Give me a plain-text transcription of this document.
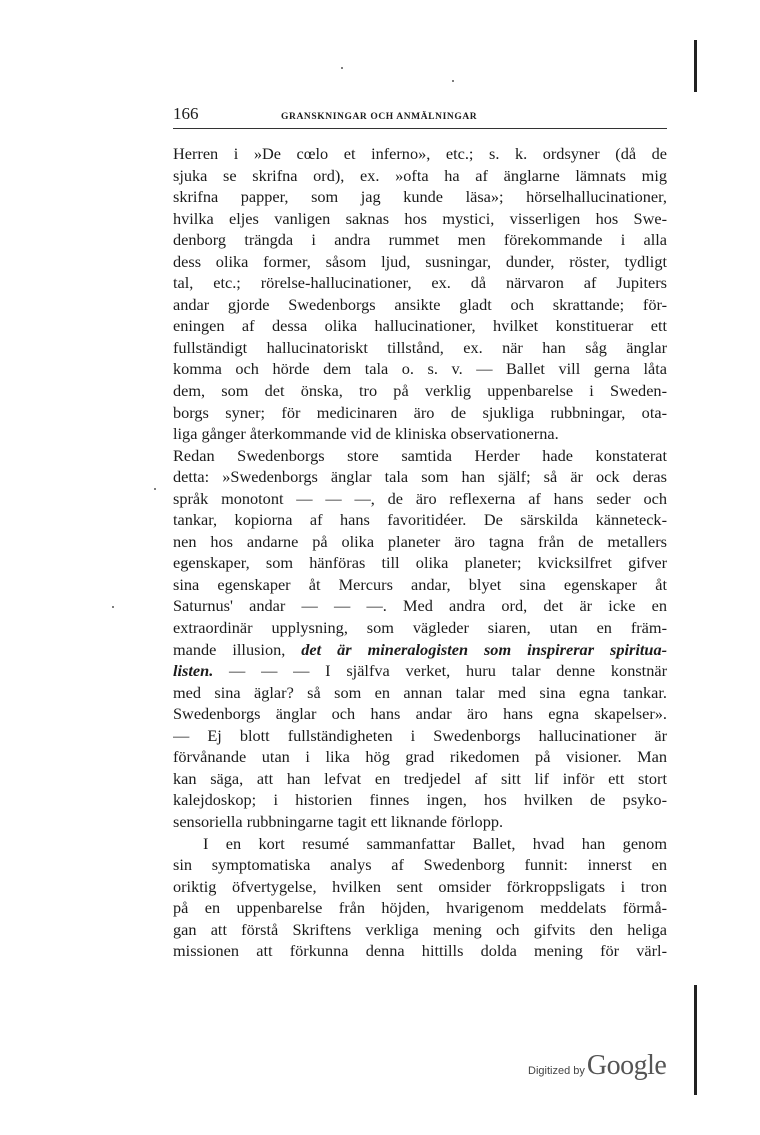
166	GRANSKNINGAR OCH ANMÄLNINGAR
Herren i »De cœlo et inferno», etc.; s. k. ordsyner (då de
sjuka se skrifna ord), ex. »ofta ha af änglarne lämnats mig
skrifna papper, som jag kunde läsa»; hörselhallucinationer,
hvilka eljes vanligen saknas hos mystici, visserligen hos Swe-
denborg trängda i andra rummet men förekommande i alla
dess olika former, såsom ljud, susningar, dunder, röster, tydligt
tal, etc.; rörelse-hallucinationer, ex. då närvaron af Jupiters
andar gjorde Swedenborgs ansikte gladt och skrattande; för-
eningen af dessa olika hallucinationer, hvilket konstituerar ett
fullständigt hallucinatoriskt tillstånd, ex. när han såg änglar
komma och hörde dem tala o. s. v. — Ballet vill gerna låta
dem, som det önska, tro på verklig uppenbarelse i Sweden-
borgs syner; för medicinaren äro de sjukliga rubbningar, ota-
liga gånger återkommande vid de kliniska observationerna.
Redan Swedenborgs store samtida Herder hade konstaterat
detta: »Swedenborgs änglar tala som han själf; så är ock deras
språk monotont — — —, de äro reflexerna af hans seder och
tankar, kopiorna af hans favoritidéer. De särskilda känneteck-
nen hos andarne på olika planeter äro tagna från de metallers
egenskaper, som hänföras till olika planeter; kvicksilfret gifver
sina egenskaper åt Mercurs andar, blyet sina egenskaper åt
Saturnus' andar — — —. Med andra ord, det är icke en
extraordinär upplysning, som vägleder siaren, utan en främ-
mande illusion, det är mineralogisten som inspirerar spiritua-
listen. — — — I själfva verket, huru talar denne konstnär
med sina äglar? så som en annan talar med sina egna tankar.
Swedenborgs änglar och hans andar äro hans egna skapelser».
— Ej blott fullständigheten i Swedenborgs hallucinationer är
förvånande utan i lika hög grad rikedomen på visioner. Man
kan säga, att han lefvat en tredjedel af sitt lif inför ett stort
kalejdoskop; i historien finnes ingen, hos hvilken de psyko-
sensoriella rubbningarne tagit ett liknande förlopp.
I en kort resumé sammanfattar Ballet, hvad han genom
sin symptomatiska analys af Swedenborg funnit: innerst en
oriktig öfvertygelse, hvilken sent omsider förkroppsligats i tron
på en uppenbarelse från höjden, hvarigenom meddelats förmå-
gan att förstå Skriftens verkliga mening och gifvits den heliga
missionen att förkunna denna hittills dolda mening för värl-
Digitized by Google
